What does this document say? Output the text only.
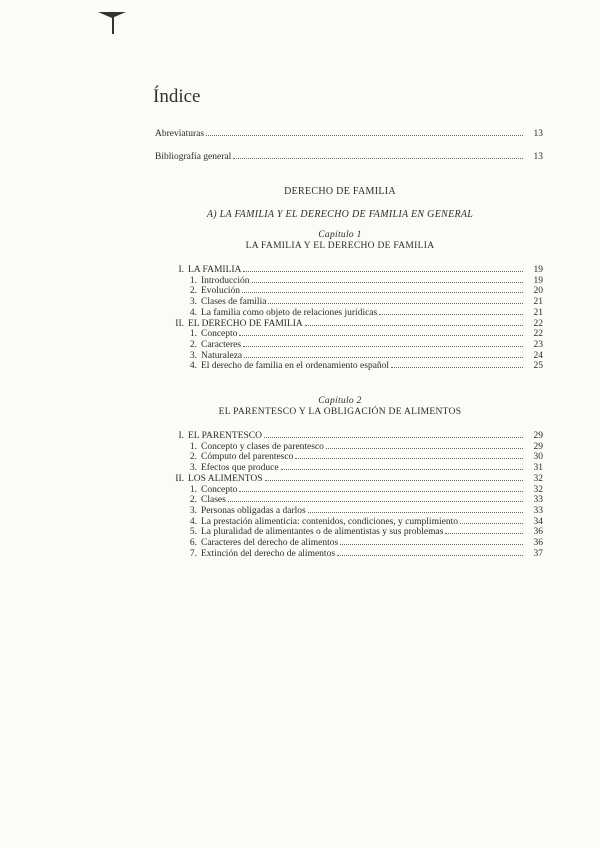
Índice
Abreviaturas	13
Bibliografía general	13
DERECHO DE FAMILIA
A) LA FAMILIA Y EL DERECHO DE FAMILIA EN GENERAL
Capítulo 1
LA FAMILIA Y EL DERECHO DE FAMILIA
I. LA FAMILIA	19
1. Introducción	19
2. Evolución	20
3. Clases de familia	21
4. La familia como objeto de relaciones jurídicas	21
II. EL DERECHO DE FAMILIA	22
1. Concepto	22
2. Caracteres	23
3. Naturaleza	24
4. El derecho de familia en el ordenamiento español	25
Capítulo 2
EL PARENTESCO Y LA OBLIGACIÓN DE ALIMENTOS
I. EL PARENTESCO	29
1. Concepto y clases de parentesco	29
2. Cómputo del parentesco	30
3. Efectos que produce	31
II. LOS ALIMENTOS	32
1. Concepto	32
2. Clases	33
3. Personas obligadas a darlos	33
4. La prestación alimenticia: contenidos, condiciones, y cumplimiento	34
5. La pluralidad de alimentantes o de alimentistas y sus problemas	36
6. Caracteres del derecho de alimentos	36
7. Extinción del derecho de alimentos	37
